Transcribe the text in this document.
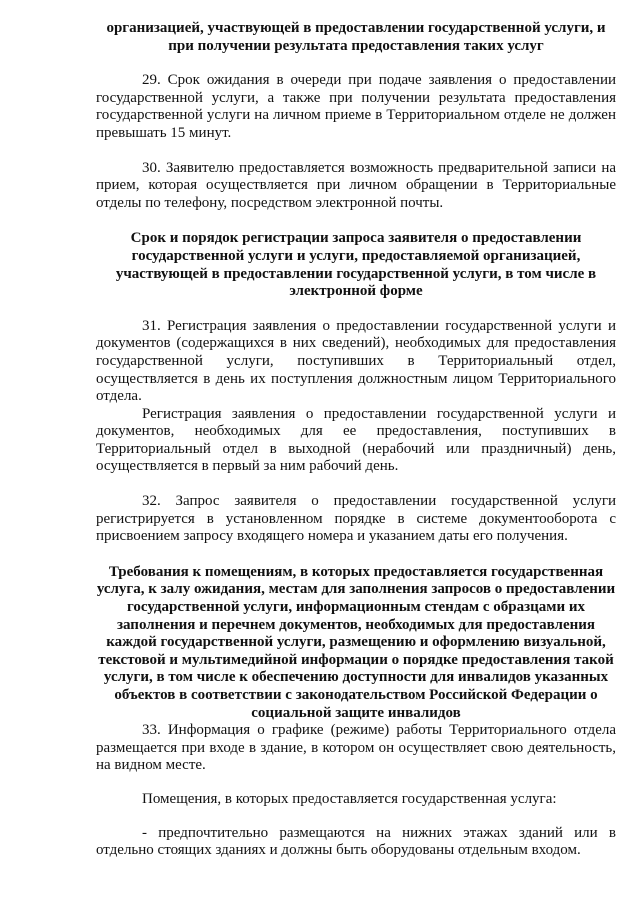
организацией, участвующей в предоставлении государственной услуги, и при получении результата предоставления таких услуг

29. Срок ожидания в очереди при подаче заявления о предоставлении государственной услуги, а также при получении результата предоставления государственной услуги на личном приеме в Территориальном отделе не должен превышать 15 минут.

30. Заявителю предоставляется возможность предварительной записи на прием, которая осуществляется при личном обращении в Территориальные отделы по телефону, посредством электронной почты.

Срок и порядок регистрации запроса заявителя о предоставлении государственной услуги и услуги, предоставляемой организацией, участвующей в предоставлении государственной услуги, в том числе в электронной форме

31. Регистрация заявления о предоставлении государственной услуги и документов (содержащихся в них сведений), необходимых для предоставления государственной услуги, поступивших в Территориальный отдел, осуществляется в день их поступления должностным лицом Территориального отдела.

Регистрация заявления о предоставлении государственной услуги и документов, необходимых для ее предоставления, поступивших в Территориальный отдел в выходной (нерабочий или праздничный) день, осуществляется в первый за ним рабочий день.

32. Запрос заявителя о предоставлении государственной услуги регистрируется в установленном порядке в системе документооборота с присвоением запросу входящего номера и указанием даты его получения.

Требования к помещениям, в которых предоставляется государственная услуга, к залу ожидания, местам для заполнения запросов о предоставлении государственной услуги, информационным стендам с образцами их заполнения и перечнем документов, необходимых для предоставления каждой государственной услуги, размещению и оформлению визуальной, текстовой и мультимедийной информации о порядке предоставления такой услуги, в том числе к обеспечению доступности для инвалидов указанных объектов в соответствии с законодательством Российской Федерации о социальной защите инвалидов

33. Информация о графике (режиме) работы Территориального отдела размещается при входе в здание, в котором он осуществляет свою деятельность, на видном месте.

Помещения, в которых предоставляется государственная услуга:

- предпочтительно размещаются на нижних этажах зданий или в отдельно стоящих зданиях и должны быть оборудованы отдельным входом.
